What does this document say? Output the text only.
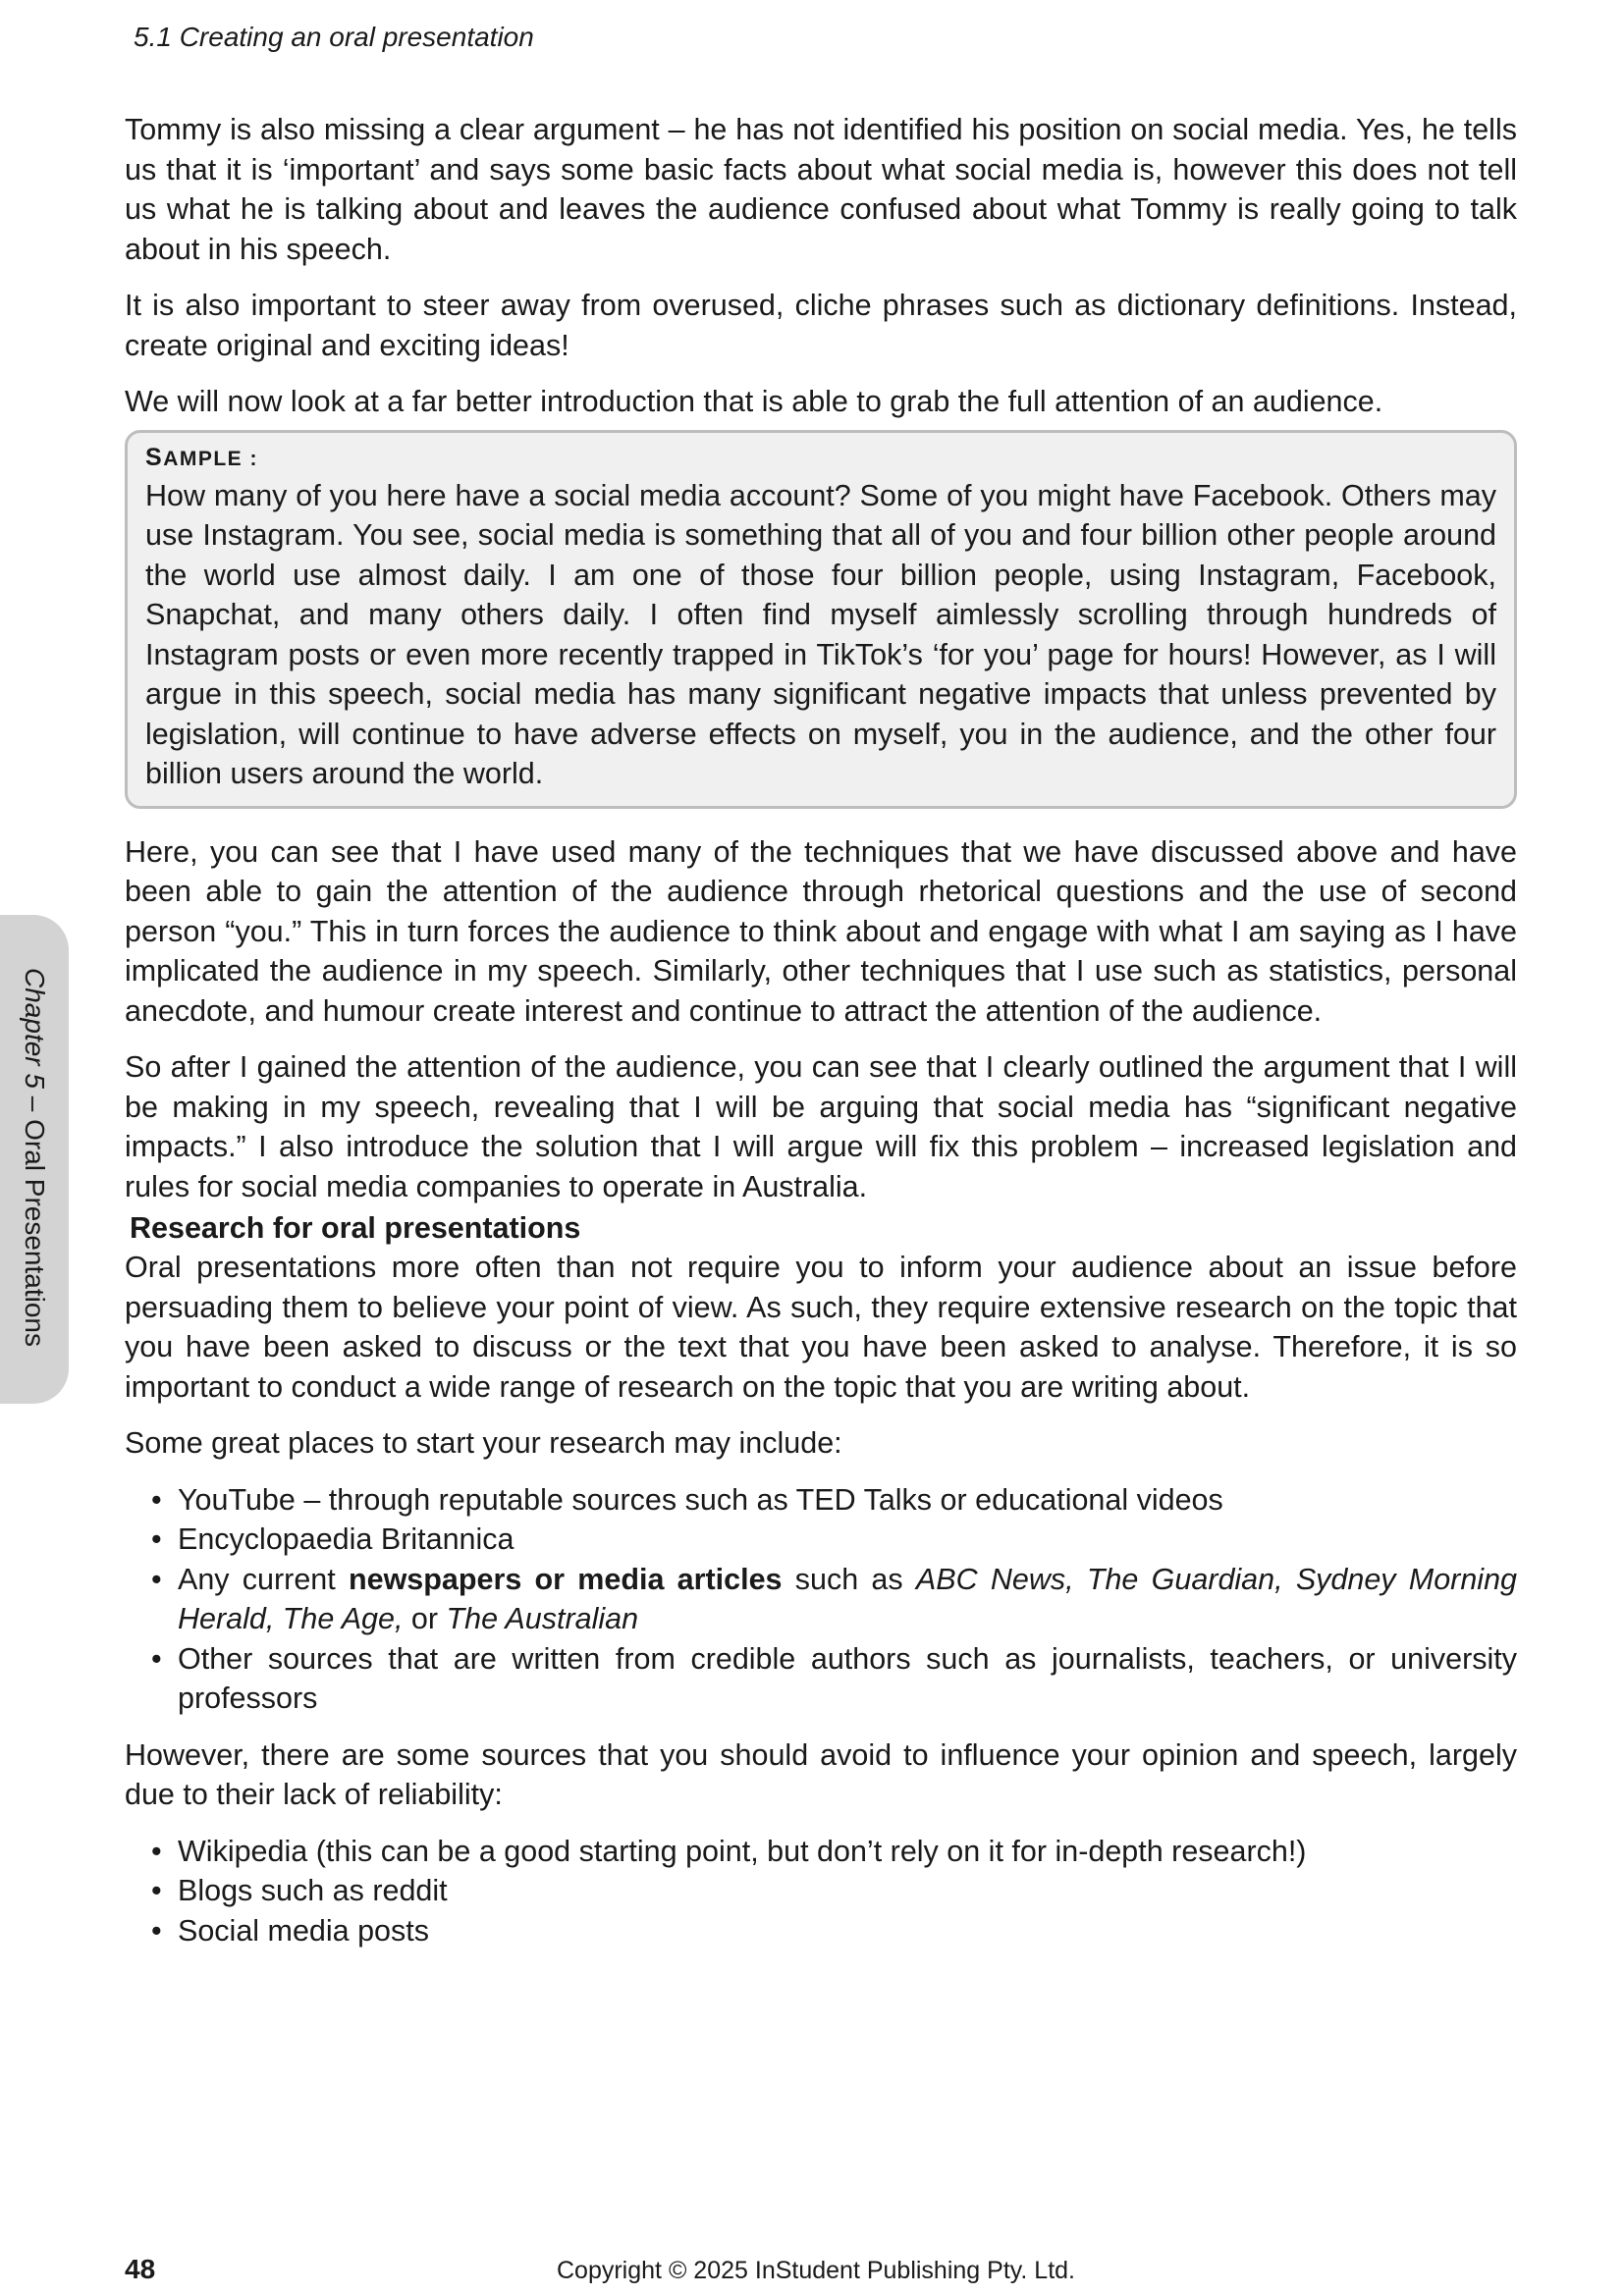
5.1 Creating an oral presentation
Chapter 5 – Oral Presentations

Tommy is also missing a clear argument – he has not identified his position on social media. Yes, he tells us that it is ‘important’ and says some basic facts about what social media is, however this does not tell us what he is talking about and leaves the audience confused about what Tommy is really going to talk about in his speech.

It is also important to steer away from overused, cliche phrases such as dictionary definitions. Instead, create original and exciting ideas!

We will now look at a far better introduction that is able to grab the full attention of an audience.

SAMPLE :
How many of you here have a social media account? Some of you might have Facebook. Others may use Instagram. You see, social media is something that all of you and four billion other people around the world use almost daily. I am one of those four billion people, using Instagram, Facebook, Snapchat, and many others daily. I often find myself aimlessly scrolling through hundreds of Instagram posts or even more recently trapped in TikTok’s ‘for you’ page for hours! However, as I will argue in this speech, social media has many significant negative impacts that unless prevented by legislation, will continue to have adverse effects on myself, you in the audience, and the other four billion users around the world.

Here, you can see that I have used many of the techniques that we have discussed above and have been able to gain the attention of the audience through rhetorical questions and the use of second person “you.” This in turn forces the audience to think about and engage with what I am saying as I have implicated the audience in my speech. Similarly, other techniques that I use such as statistics, personal anecdote, and humour create interest and continue to attract the attention of the audience.

So after I gained the attention of the audience, you can see that I clearly outlined the argument that I will be making in my speech, revealing that I will be arguing that social media has “significant negative impacts.” I also introduce the solution that I will argue will fix this problem – increased legislation and rules for social media companies to operate in Australia.

Research for oral presentations

Oral presentations more often than not require you to inform your audience about an issue before persuading them to believe your point of view. As such, they require extensive research on the topic that you have been asked to discuss or the text that you have been asked to analyse. Therefore, it is so important to conduct a wide range of research on the topic that you are writing about.

Some great places to start your research may include:

• YouTube – through reputable sources such as TED Talks or educational videos
• Encyclopaedia Britannica
• Any current newspapers or media articles such as ABC News, The Guardian, Sydney Morning Herald, The Age, or The Australian
• Other sources that are written from credible authors such as journalists, teachers, or university professors

However, there are some sources that you should avoid to influence your opinion and speech, largely due to their lack of reliability:

• Wikipedia (this can be a good starting point, but don’t rely on it for in-depth research!)
• Blogs such as reddit
• Social media posts
48	Copyright © 2025 InStudent Publishing Pty. Ltd.
